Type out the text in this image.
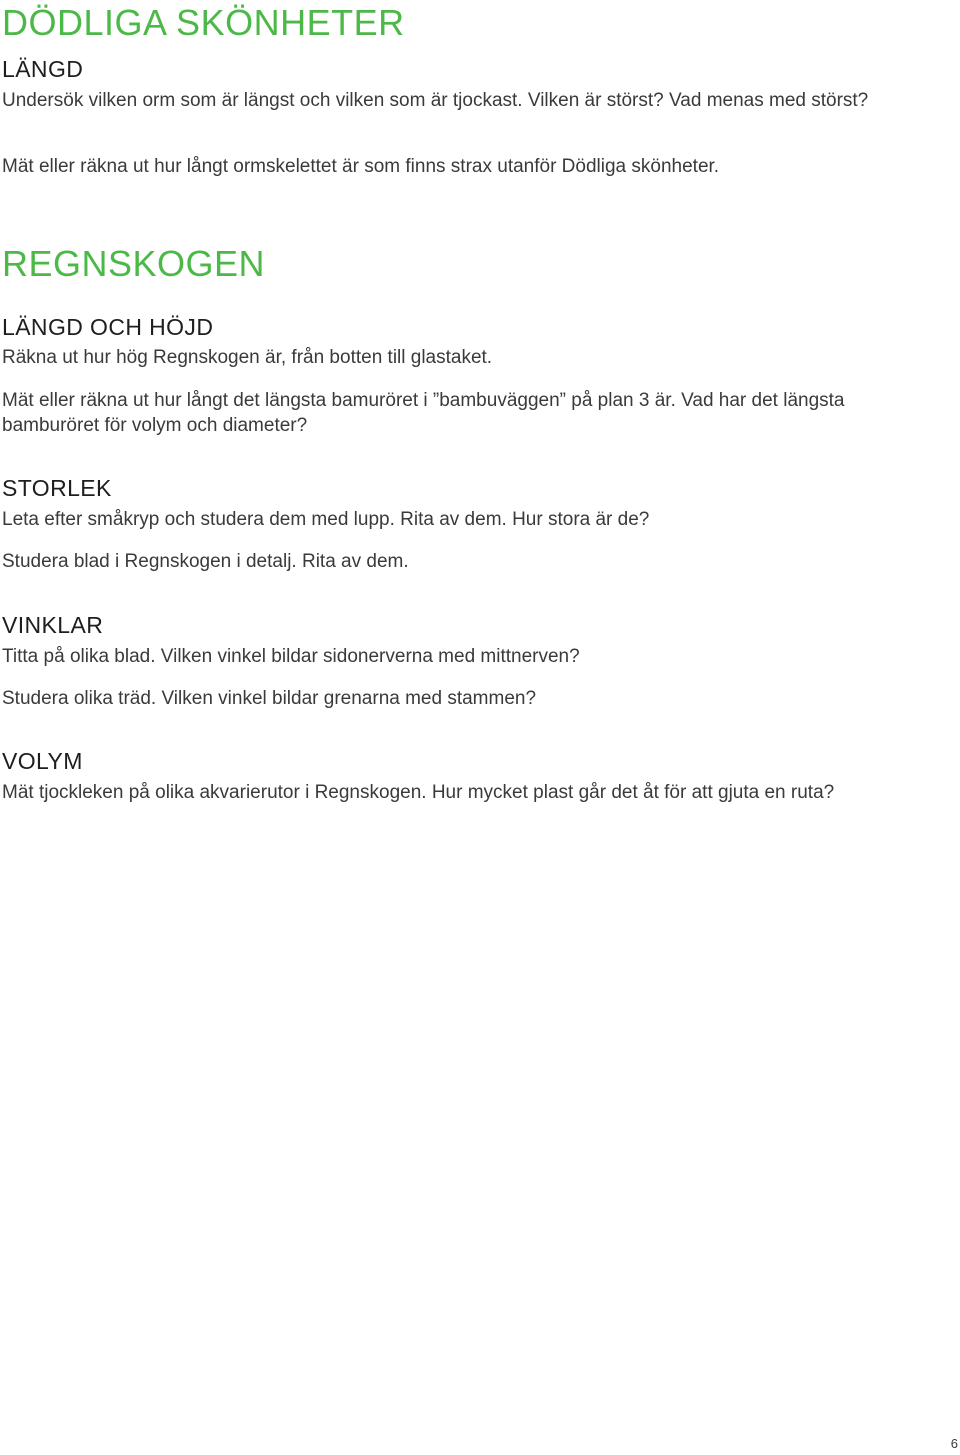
DÖDLIGA SKÖNHETER
LÄNGD

Undersök vilken orm som är längst och vilken som är tjockast. Vilken är störst? Vad menas med störst?

Mät eller räkna ut hur långt ormskelettet är som finns strax utanför Dödliga skönheter.

REGNSKOGEN
LÄNGD OCH HÖJD

Räkna ut hur hög Regnskogen är, från botten till glastaket.

Mät eller räkna ut hur långt det längsta bamuröret i ”bambuväggen” på plan 3 är. Vad har det längsta bamburöret för volym och diameter?

STORLEK

Leta efter småkryp och studera dem med lupp. Rita av dem. Hur stora är de?

Studera blad i Regnskogen i detalj. Rita av dem.

VINKLAR

Titta på olika blad. Vilken vinkel bildar sidonerverna med mittnerven?

Studera olika träd. Vilken vinkel bildar grenarna med stammen?

VOLYM

Mät tjockleken på olika akvarierutor i Regnskogen. Hur mycket plast går det åt för att gjuta en ruta?

6
